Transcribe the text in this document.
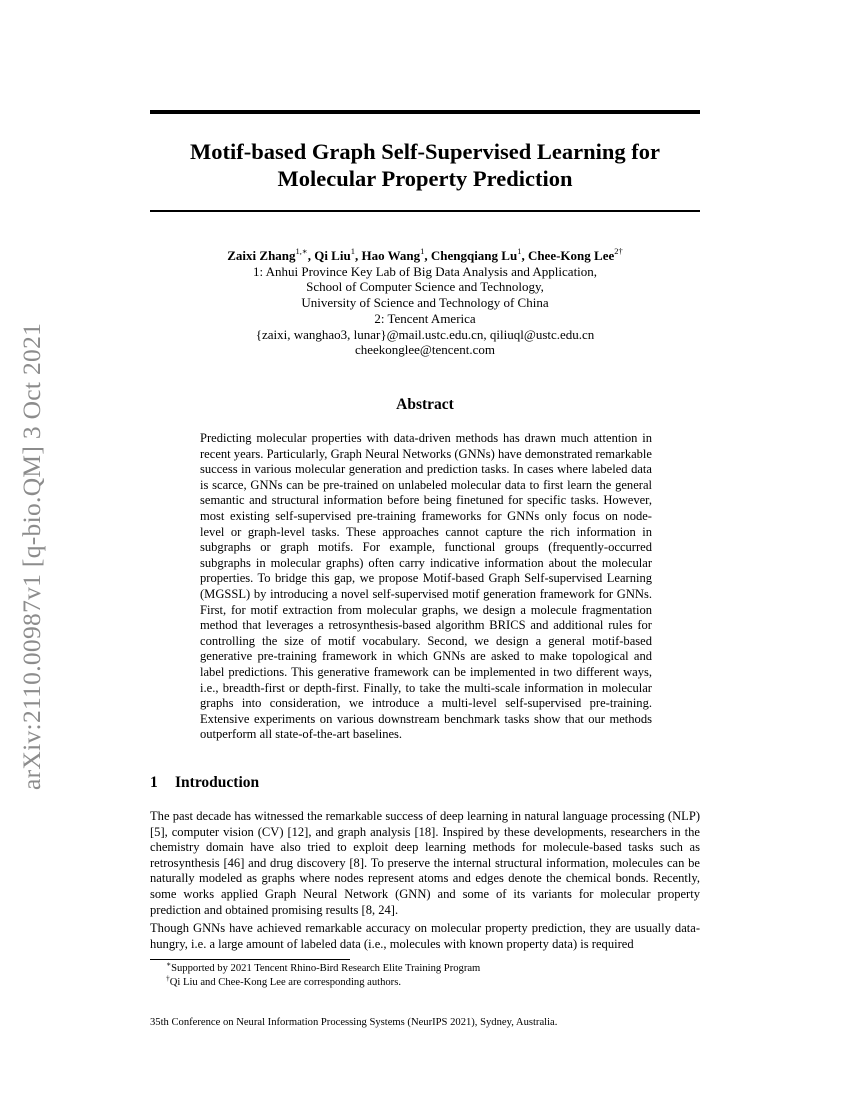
arXiv:2110.00987v1 [q-bio.QM] 3 Oct 2021
Motif-based Graph Self-Supervised Learning for
Molecular Property Prediction
Zaixi Zhang$^{1,∗}$, Qi Liu$^1$, Hao Wang$^1$, Chengqiang Lu$^1$, Chee-Kong Lee$^{2\dagger}$
1: Anhui Province Key Lab of Big Data Analysis and Application,
School of Computer Science and Technology,
University of Science and Technology of China
2: Tencent America
{zaixi, wanghao3, lunar}@mail.ustc.edu.cn, qiliuql@ustc.edu.cn
cheekonglee@tencent.com
Abstract
Predicting molecular properties with data-driven methods has drawn much attention in recent years. Particularly, Graph Neural Networks (GNNs) have demonstrated remarkable success in various molecular generation and prediction tasks. In cases where labeled data is scarce, GNNs can be pre-trained on unlabeled molecular data to first learn the general semantic and structural information before being finetuned for specific tasks. However, most existing self-supervised pre-training frameworks for GNNs only focus on node-level or graph-level tasks. These approaches cannot capture the rich information in subgraphs or graph motifs. For example, functional groups (frequently-occurred subgraphs in molecular graphs) often carry indicative information about the molecular properties. To bridge this gap, we propose Motif-based Graph Self-supervised Learning (MGSSL) by introducing a novel self-supervised motif generation framework for GNNs. First, for motif extraction from molecular graphs, we design a molecule fragmentation method that leverages a retrosynthesis-based algorithm BRICS and additional rules for controlling the size of motif vocabulary. Second, we design a general motif-based generative pre-training framework in which GNNs are asked to make topological and label predictions. This generative framework can be implemented in two different ways, i.e., breadth-first or depth-first. Finally, to take the multi-scale information in molecular graphs into consideration, we introduce a multi-level self-supervised pre-training. Extensive experiments on various downstream benchmark tasks show that our methods outperform all state-of-the-art baselines.
1 Introduction
The past decade has witnessed the remarkable success of deep learning in natural language processing (NLP) [5], computer vision (CV) [12], and graph analysis [18]. Inspired by these developments, researchers in the chemistry domain have also tried to exploit deep learning methods for molecule-based tasks such as retrosynthesis [46] and drug discovery [8]. To preserve the internal structural information, molecules can be naturally modeled as graphs where nodes represent atoms and edges denote the chemical bonds. Recently, some works applied Graph Neural Network (GNN) and some of its variants for molecular property prediction and obtained promising results [8, 24].
Though GNNs have achieved remarkable accuracy on molecular property prediction, they are usually data-hungry, i.e. a large amount of labeled data (i.e., molecules with known property data) is required
∗Supported by 2021 Tencent Rhino-Bird Research Elite Training Program
†Qi Liu and Chee-Kong Lee are corresponding authors.
35th Conference on Neural Information Processing Systems (NeurIPS 2021), Sydney, Australia.
